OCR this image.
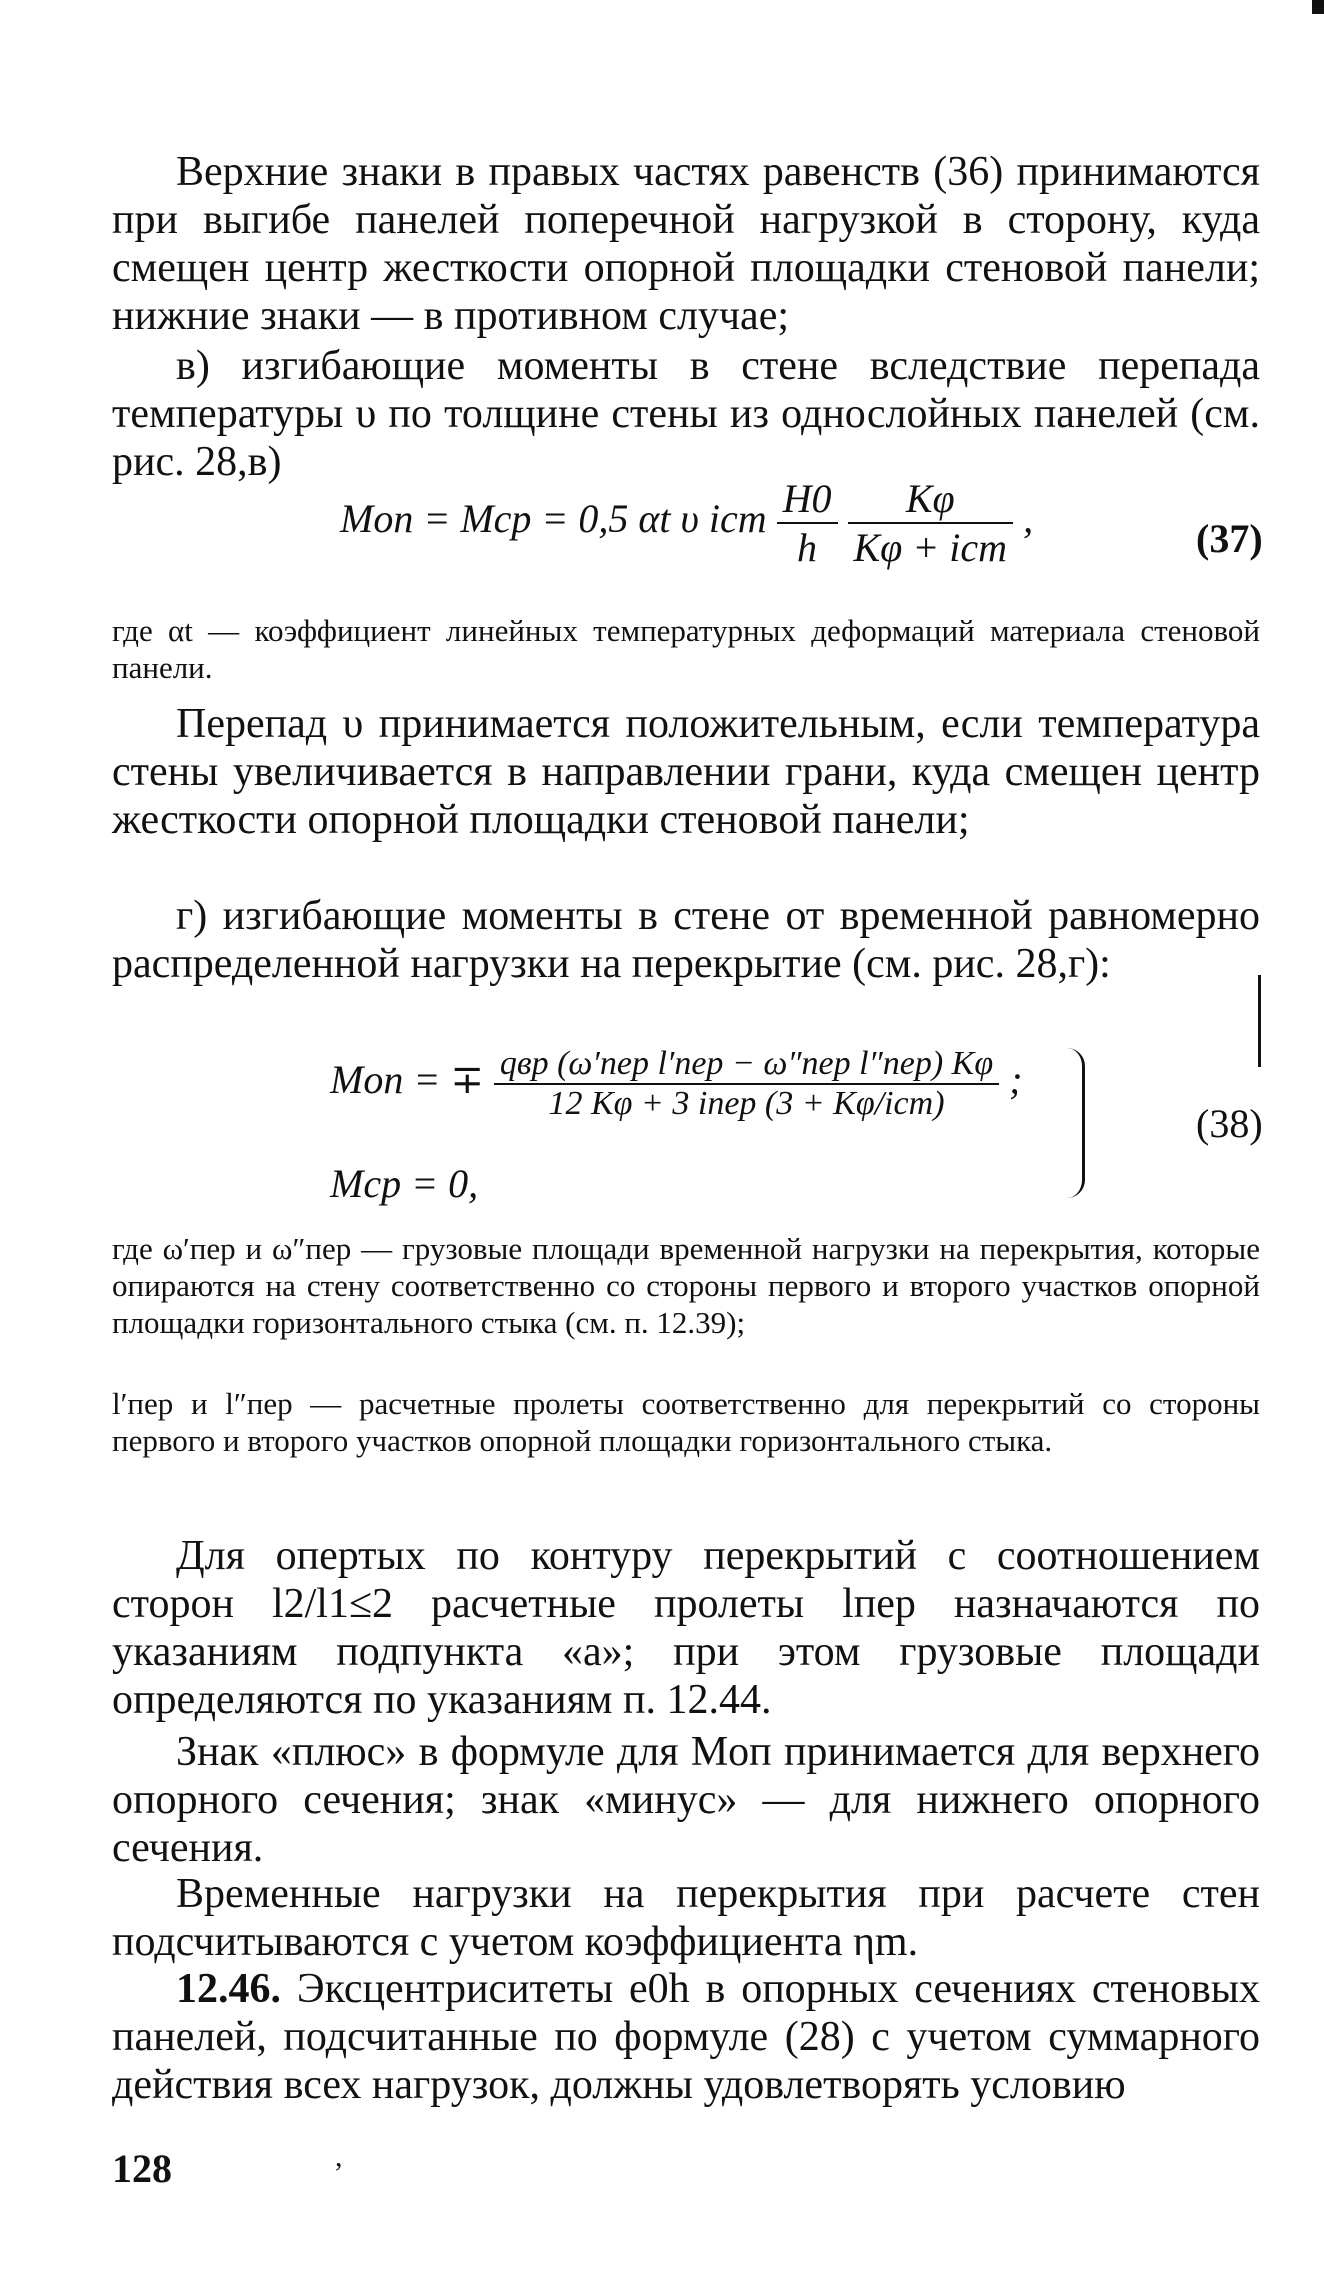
Верхние знаки в правых частях равенств (36) принимаются при выгибе панелей поперечной нагрузкой в сторону, куда смещен центр жесткости опорной площадки стеновой панели; нижние знаки — в противном случае;

в) изгибающие моменты в стене вследствие перепада температуры υ по толщине стены из однослойных панелей (см. рис. 28,в)

Mоп = Mср = 0,5 αt υ iст $\frac{H0}{h}$
$\frac{K\varphi}{\text{Kφ + iст}}$ ,	(37)

где αt — коэффициент линейных температурных деформаций материала стеновой панели.

Перепад υ принимается положительным, если температура стены увеличивается в направлении грани, куда смещен центр жесткости опорной площадки стеновой панели;

г) изгибающие моменты в стене от временной равномерно распределенной нагрузки на перекрытие (см. рис. 28,г):

Mоп = ∓ $\frac{\text{qвр (ω′пер l′пер − ω″пер l″пер) Kφ}}{\text{12 Kφ + 3 iпер (3 + Kφ/iст)}}$ ;
Mср = 0,
(38)

где ω′пер и ω″пер — грузовые площади временной нагрузки на перекрытия, которые опираются на стену соответственно со стороны первого и второго участков опорной площадки горизонтального стыка (см. п. 12.39);

l′пер и l″пер — расчетные пролеты соответственно для перекрытий со стороны первого и второго участков опорной площадки горизонтального стыка.

Для опертых по контуру перекрытий с соотношением сторон l2/l1≤2 расчетные пролеты lпер назначаются по указаниям подпункта «а»; при этом грузовые площади определяются по указаниям п. 12.44.

Знак «плюс» в формуле для Mоп принимается для верхнего опорного сечения; знак «минус» — для нижнего опорного сечения.

Временные нагрузки на перекрытия при расчете стен подсчитываются с учетом коэффициента ηm.

12.46. Эксцентриситеты e0h в опорных сечениях стеновых панелей, подсчитанные по формуле (28) с учетом суммарного действия всех нагрузок, должны удовлетворять условию

128	,
